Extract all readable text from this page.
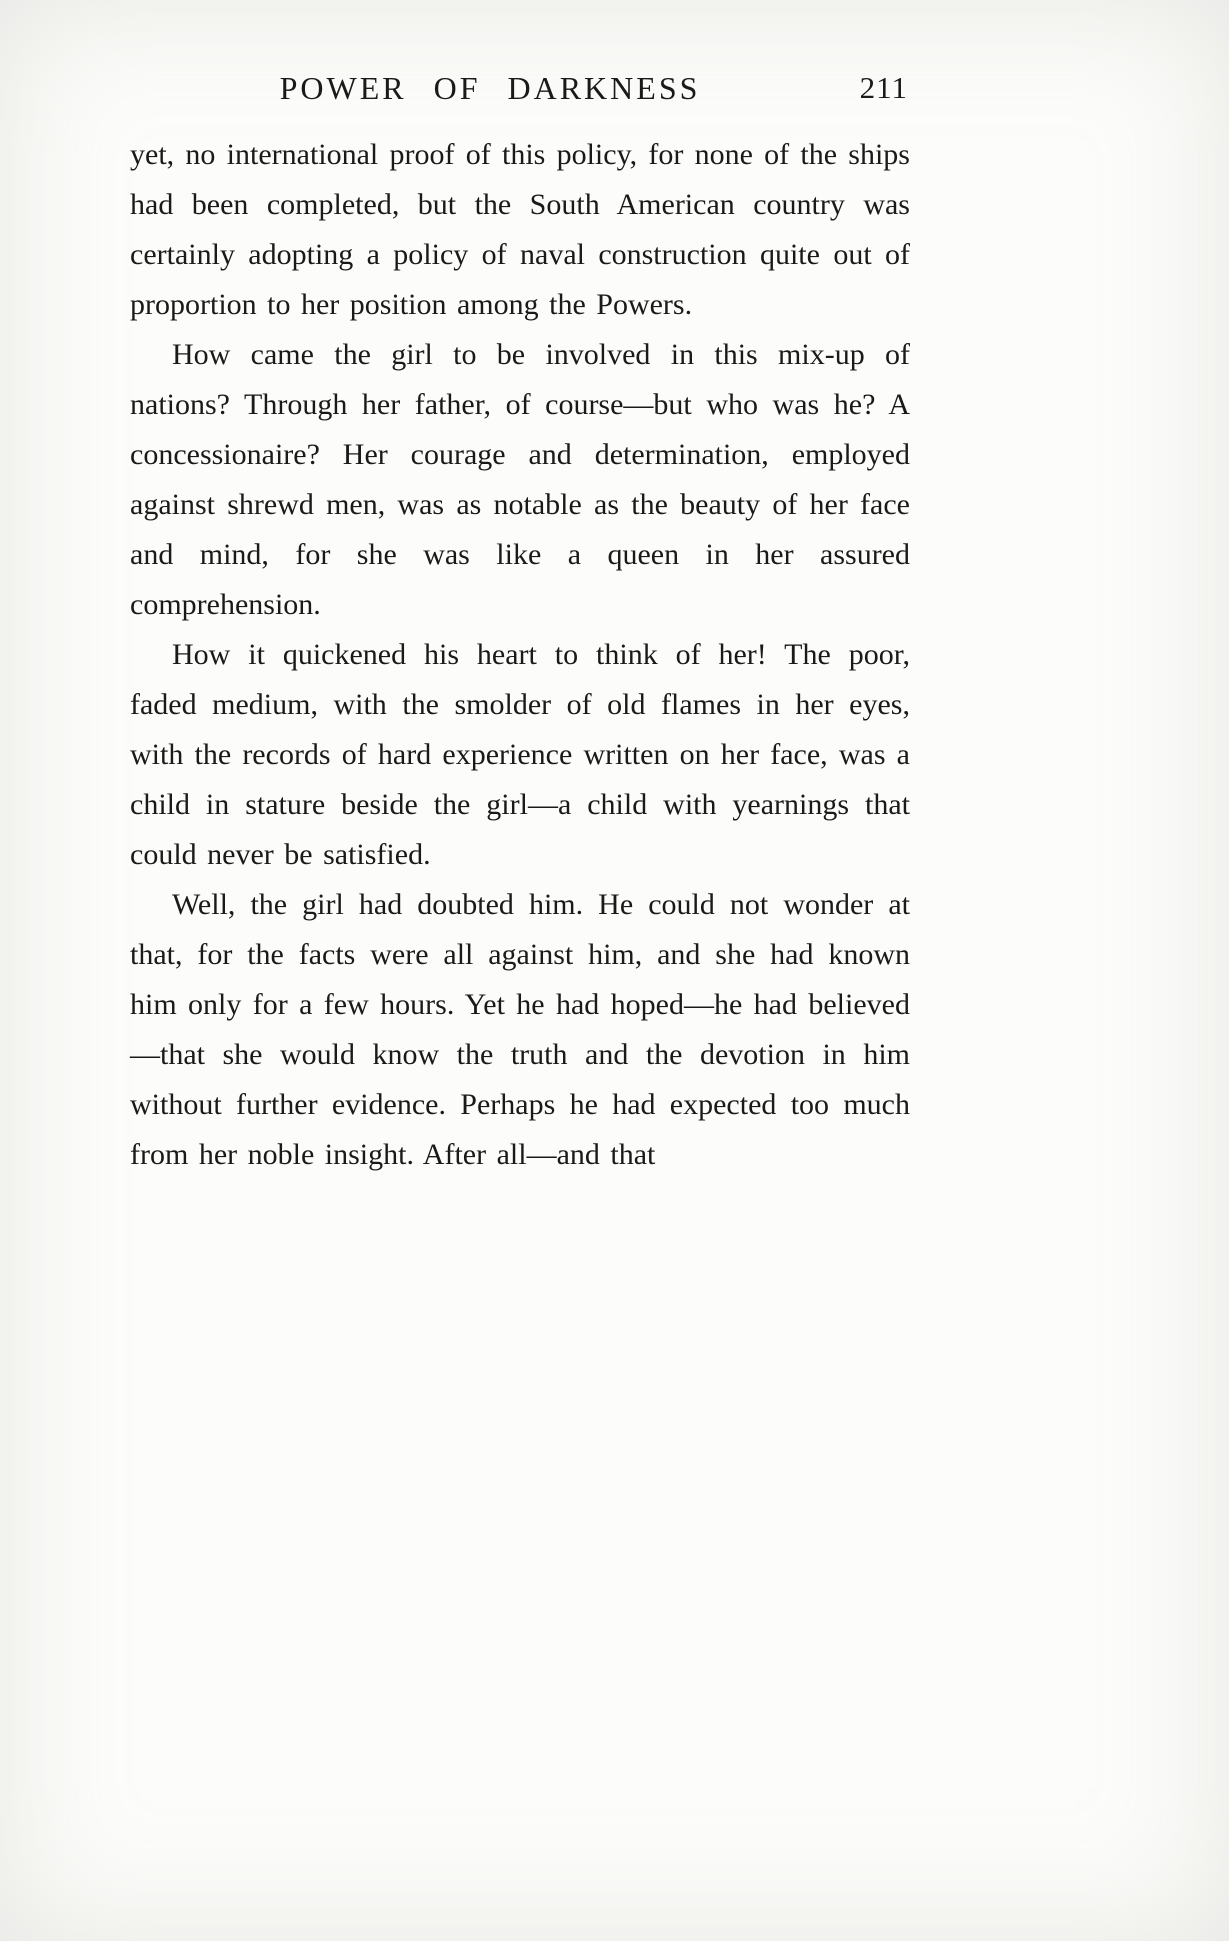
POWER OF DARKNESS	211

yet, no international proof of this policy, for none of the ships had been completed, but the South American country was certainly adopting a policy of naval construction quite out of proportion to her position among the Powers.

How came the girl to be involved in this mix-up of nations? Through her father, of course—but who was he? A concessionaire? Her courage and determination, employed against shrewd men, was as notable as the beauty of her face and mind, for she was like a queen in her assured comprehension.

How it quickened his heart to think of her! The poor, faded medium, with the smolder of old flames in her eyes, with the records of hard experience written on her face, was a child in stature beside the girl—a child with yearnings that could never be satisfied.

Well, the girl had doubted him. He could not wonder at that, for the facts were all against him, and she had known him only for a few hours. Yet he had hoped—he had believed—that she would know the truth and the devotion in him without further evidence. Perhaps he had expected too much from her noble insight. After all—and that
